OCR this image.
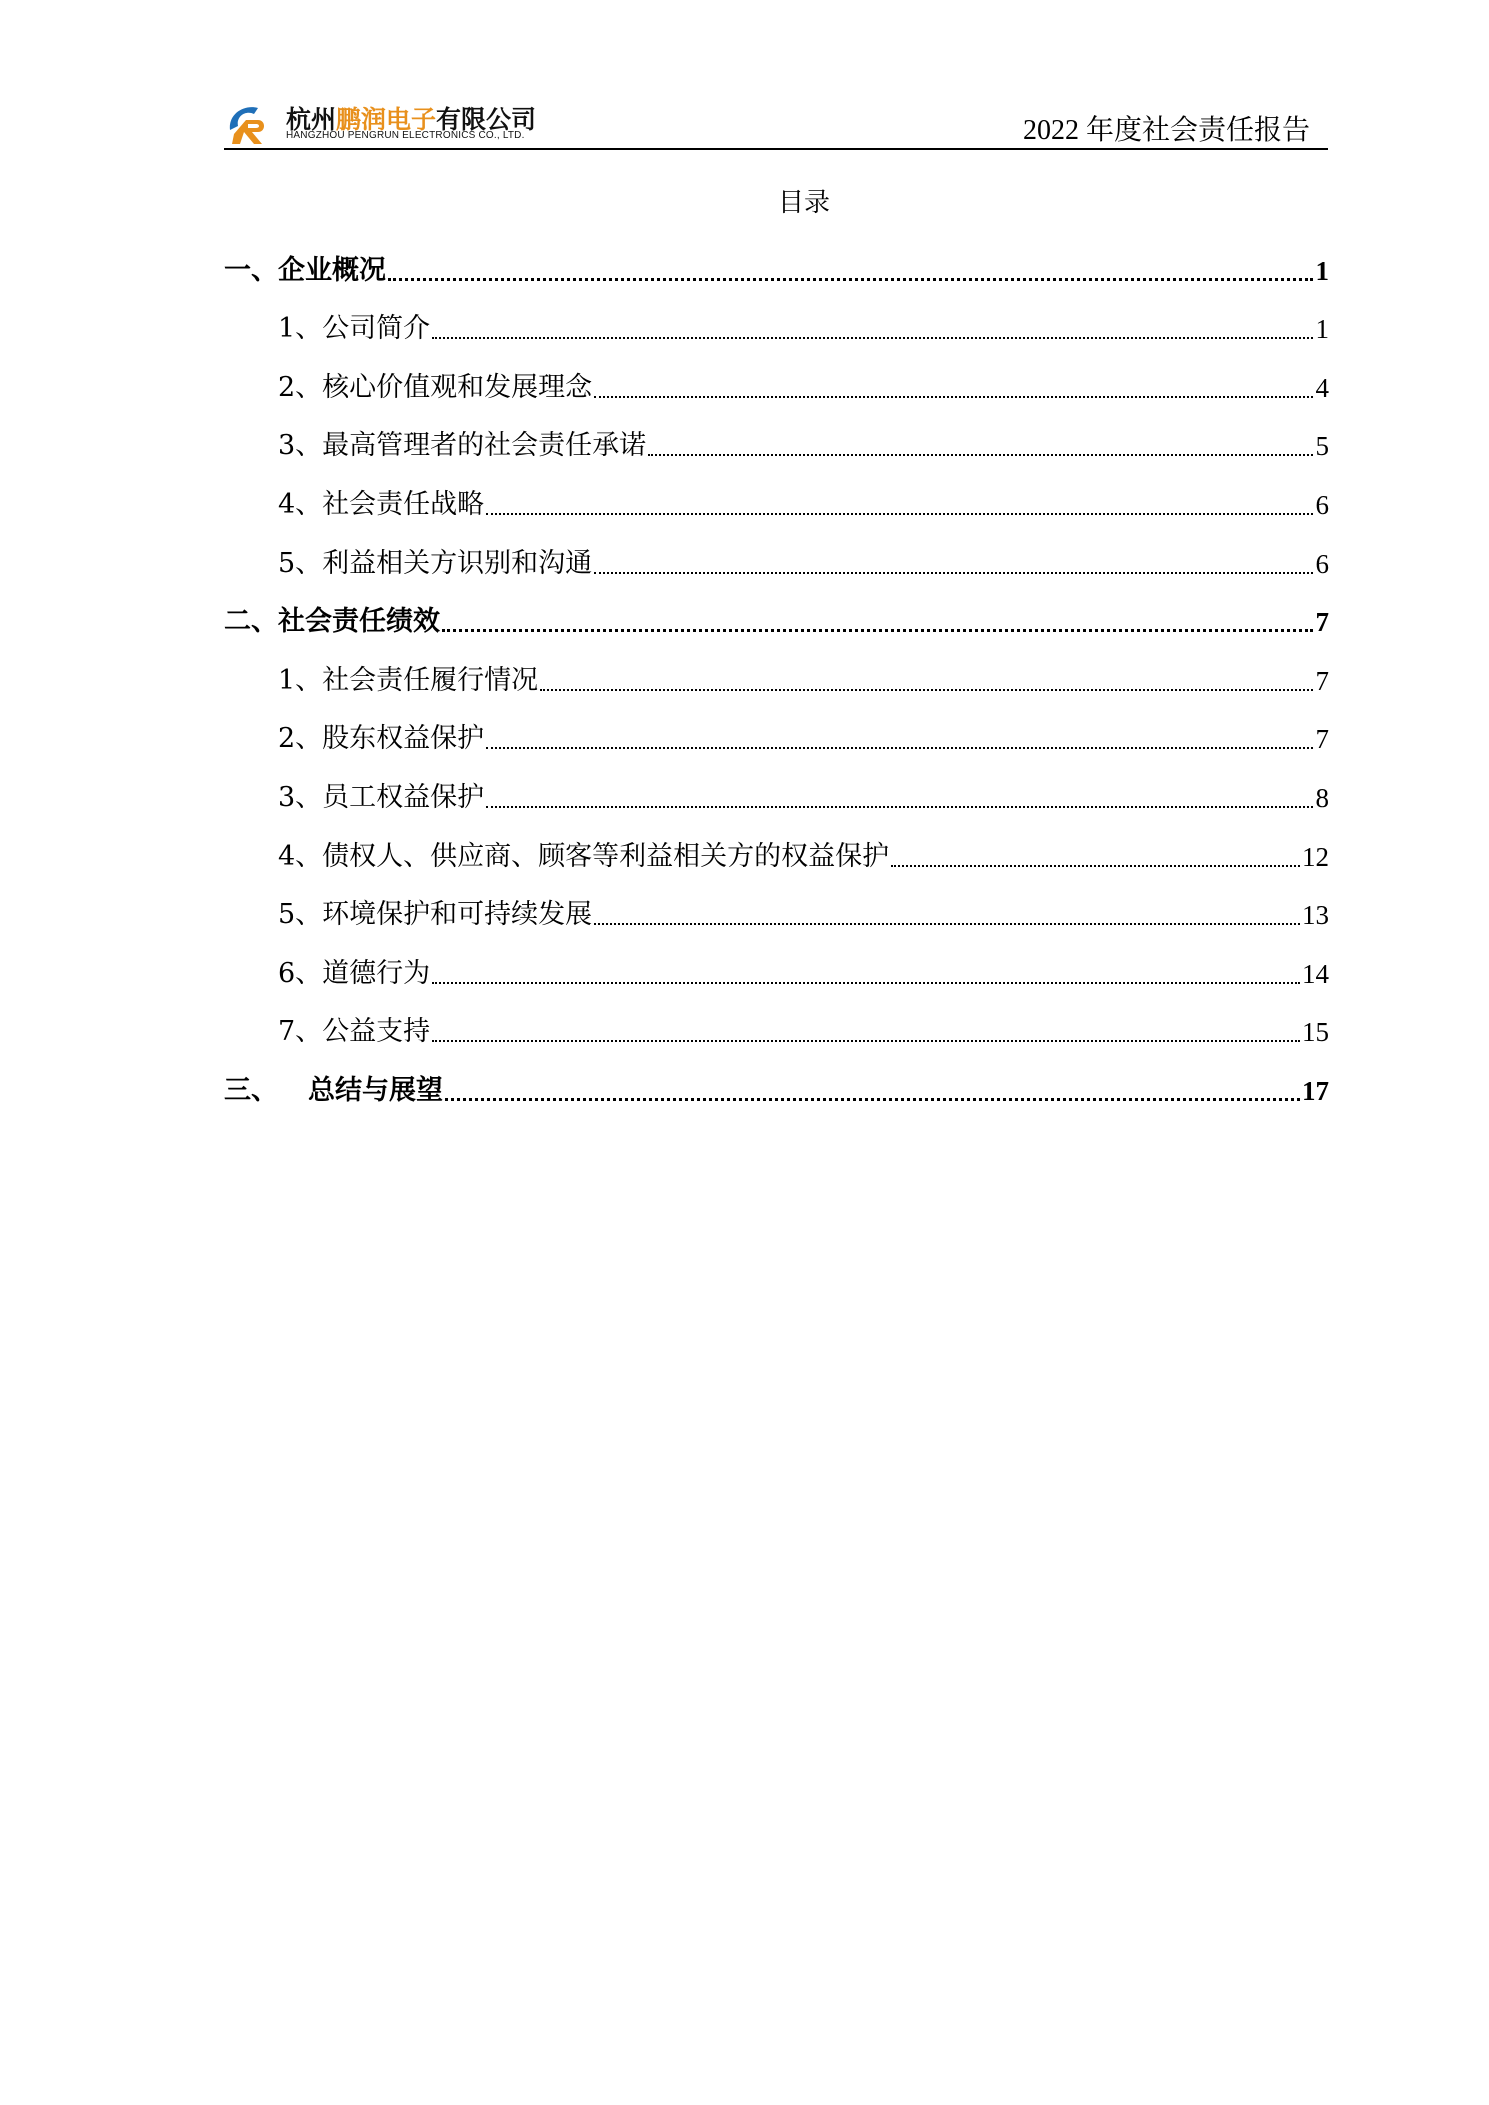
杭州鹏润电子有限公司
HANGZHOU PENGRUN ELECTRONICS CO., LTD.	2022 年度社会责任报告
目录
一、企业概况	1
1、公司简介	1
2、核心价值观和发展理念	4
3、最高管理者的社会责任承诺	5
4、社会责任战略	6
5、利益相关方识别和沟通	6
二、社会责任绩效	7
1、社会责任履行情况	7
2、股东权益保护	7
3、员工权益保护	8
4、债权人、供应商、顾客等利益相关方的权益保护	12
5、环境保护和可持续发展	13
6、道德行为	14
7、公益支持	15
三、 总结与展望	17
